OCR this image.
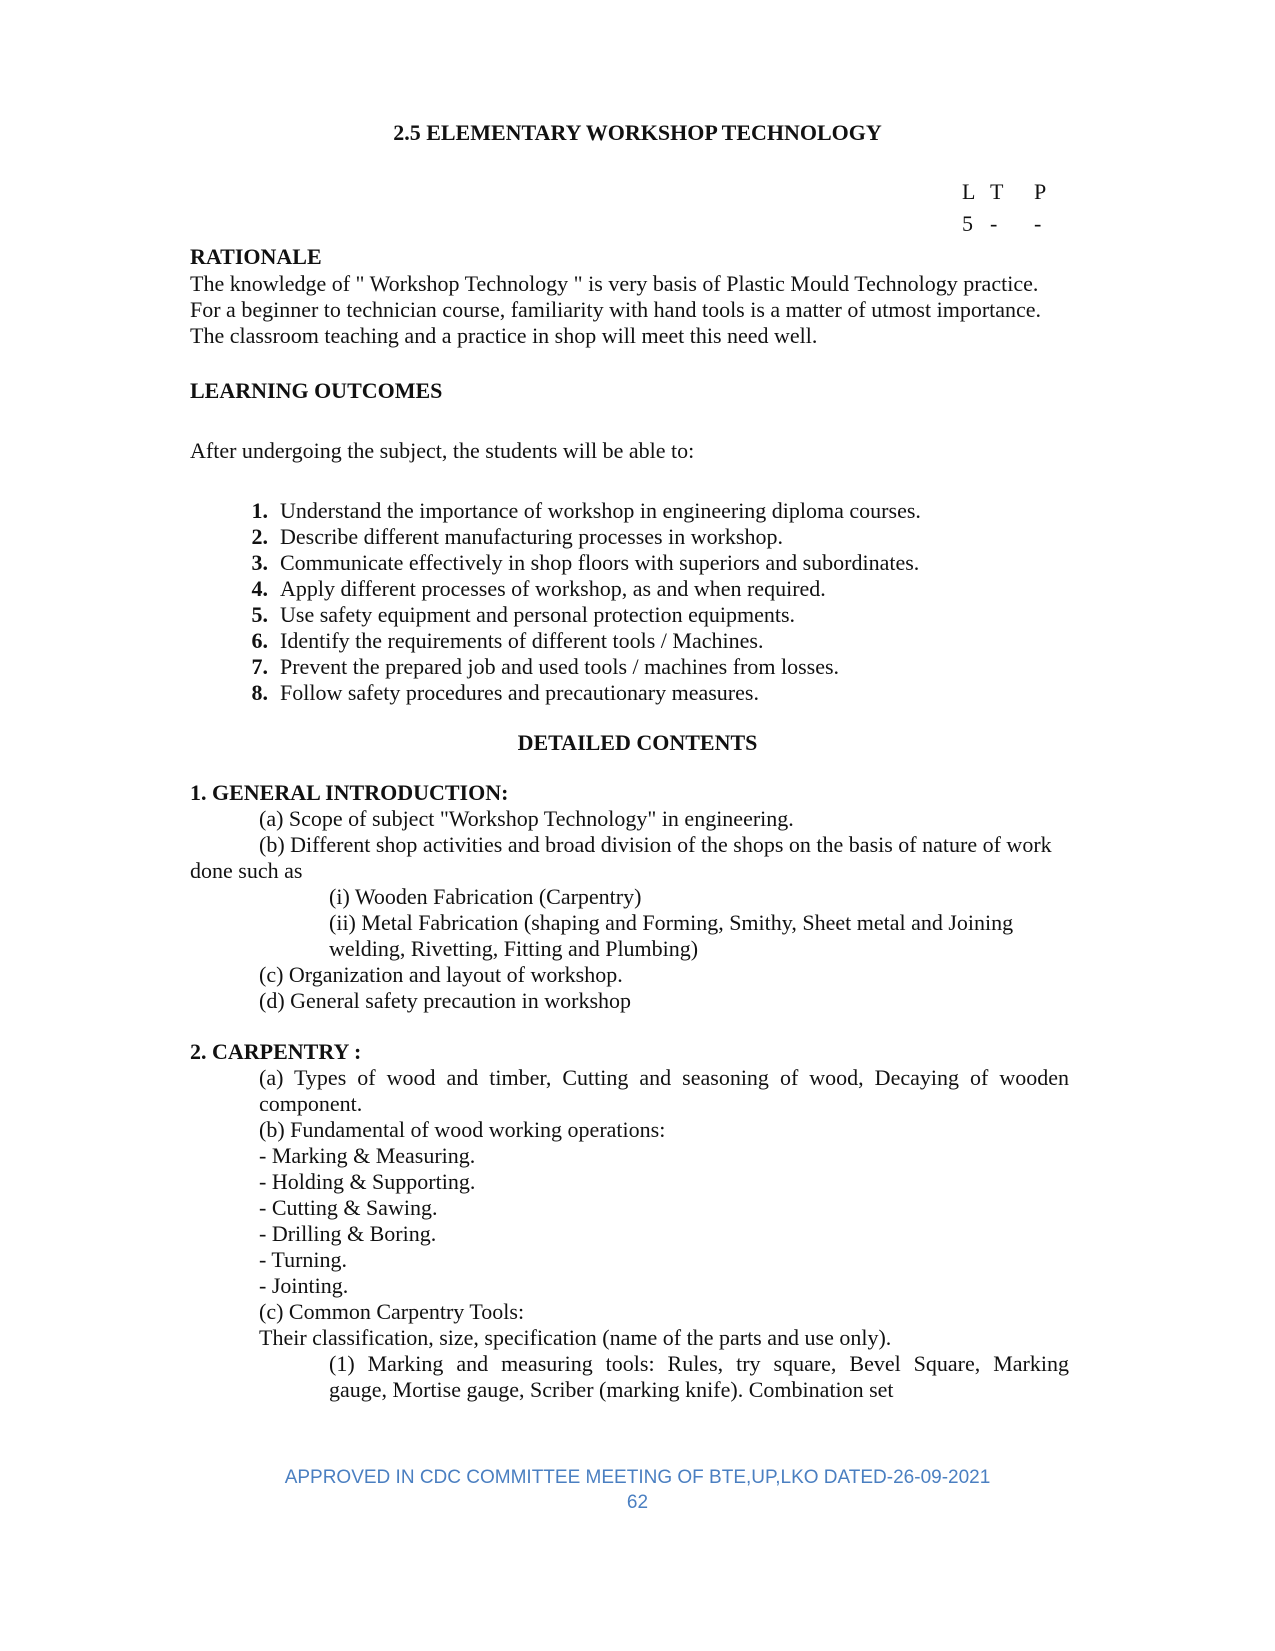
2.5 ELEMENTARY WORKSHOP TECHNOLOGY
L T P
5 - -
RATIONALE
The knowledge of " Workshop Technology " is very basis of Plastic Mould Technology practice.
For a beginner to technician course, familiarity with hand tools is a matter of utmost importance.
The classroom teaching and a practice in shop will meet this need well.
LEARNING OUTCOMES
After undergoing the subject, the students will be able to:
1. Understand the importance of workshop in engineering diploma courses.
2. Describe different manufacturing processes in workshop.
3. Communicate effectively in shop floors with superiors and subordinates.
4. Apply different processes of workshop, as and when required.
5. Use safety equipment and personal protection equipments.
6. Identify the requirements of different tools / Machines.
7. Prevent the prepared job and used tools / machines from losses.
8. Follow safety procedures and precautionary measures.
DETAILED CONTENTS
1. GENERAL INTRODUCTION:
(a) Scope of subject "Workshop Technology" in engineering.
(b) Different shop activities and broad division of the shops on the basis of nature of work
done such as
(i) Wooden Fabrication (Carpentry)
(ii) Metal Fabrication (shaping and Forming, Smithy, Sheet metal and Joining
welding, Rivetting, Fitting and Plumbing)
(c) Organization and layout of workshop.
(d) General safety precaution in workshop
2. CARPENTRY :
(a) Types of wood and timber, Cutting and seasoning of wood, Decaying of wooden
component.
(b) Fundamental of wood working operations:
- Marking & Measuring.
- Holding & Supporting.
- Cutting & Sawing.
- Drilling & Boring.
- Turning.
- Jointing.
(c) Common Carpentry Tools:
Their classification, size, specification (name of the parts and use only).
(1) Marking and measuring tools: Rules, try square, Bevel Square, Marking
gauge, Mortise gauge, Scriber (marking knife). Combination set
APPROVED IN CDC COMMITTEE MEETING OF BTE,UP,LKO DATED-26-09-2021
62
